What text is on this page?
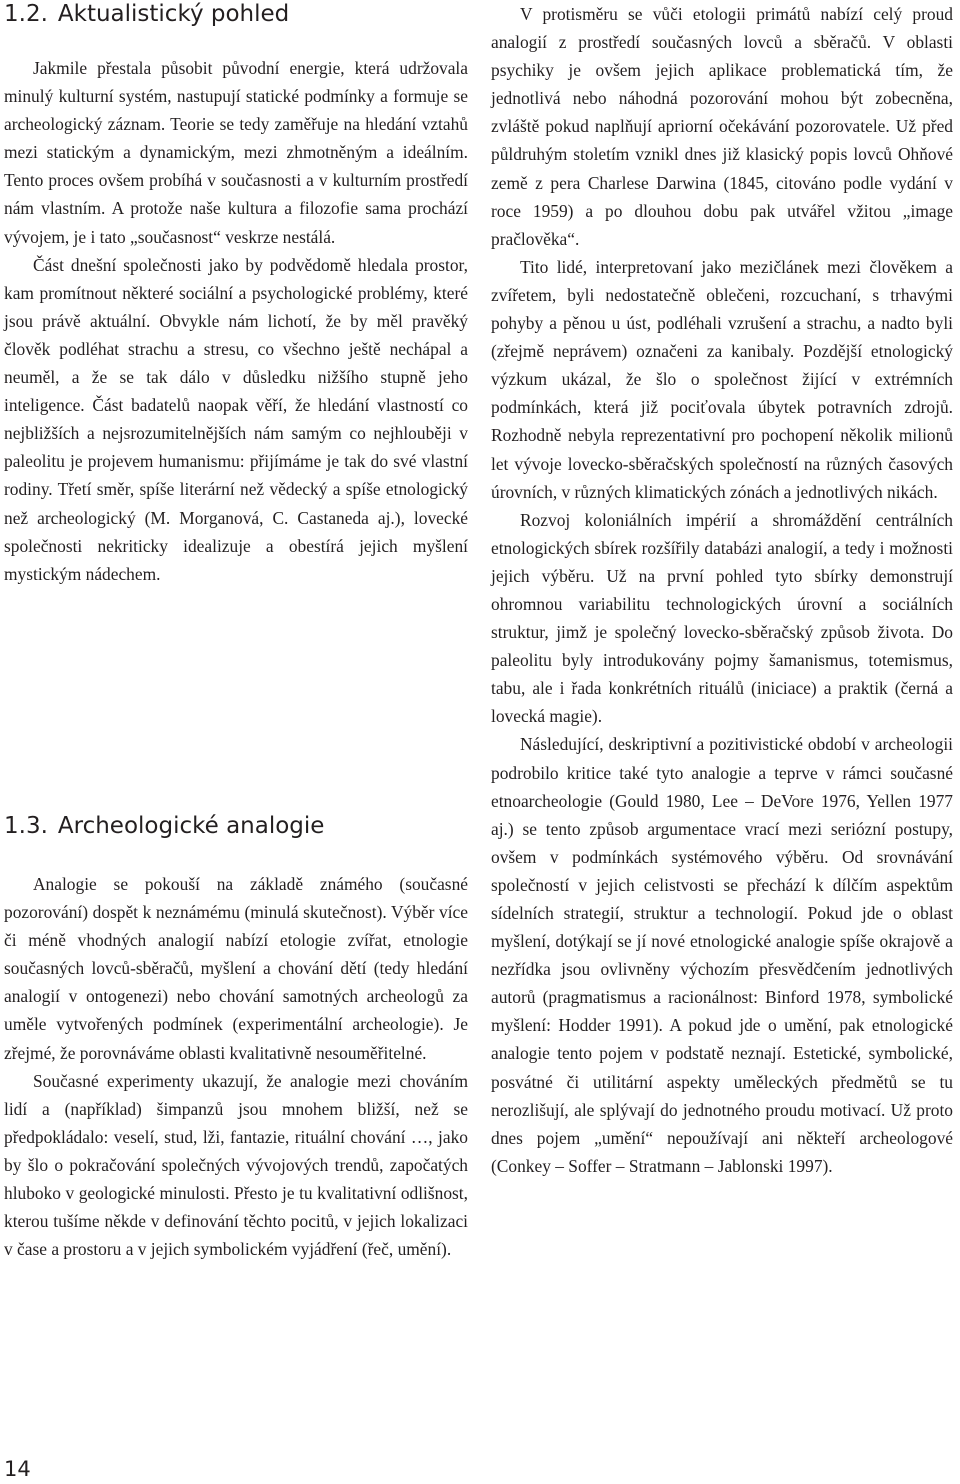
1.2. Aktualistický pohled

Jakmile přestala působit původní energie, která udržovala minulý kulturní systém, nastupují statické podmínky a formuje se archeologický záznam. Teorie se tedy zaměřuje na hledání vztahů mezi statickým a dynamickým, mezi zhmotněným a ideálním. Tento proces ovšem probíhá v současnosti a v kulturním prostředí nám vlastním. A protože naše kultura a filozofie sama prochází vývojem, je i tato „současnost“ veskrze nestálá.

Část dnešní společnosti jako by podvědomě hledala prostor, kam promítnout některé sociální a psychologické problémy, které jsou právě aktuální. Obvykle nám lichotí, že by měl pravěký člověk podléhat strachu a stresu, co všechno ještě nechápal a neuměl, a že se tak dálo v důsledku nižšího stupně jeho inteligence. Část badatelů naopak věří, že hledání vlastností co nejbližších a nejsrozumitelnějších nám samým co nejhlouběji v paleolitu je projevem humanismu: přijímáme je tak do své vlastní rodiny. Třetí směr, spíše literární než vědecký a spíše etnologický než archeologický (M. Morganová, C. Castaneda aj.), lovecké společnosti nekriticky idealizuje a obestírá jejich myšlení mystickým nádechem.

1.3. Archeologické analogie

Analogie se pokouší na základě známého (současné pozorování) dospět k neznámému (minulá skutečnost). Výběr více či méně vhodných analogií nabízí etologie zvířat, etnologie současných lovců-sběračů, myšlení a chování dětí (tedy hledání analogií v ontogenezi) nebo chování samotných archeologů za uměle vytvořených podmínek (experimentální archeologie). Je zřejmé, že porovnáváme oblasti kvalitativně nesouměřitelné.

Současné experimenty ukazují, že analogie mezi chováním lidí a (například) šimpanzů jsou mnohem bližší, než se předpokládalo: veselí, stud, lži, fantazie, rituální chování …, jako by šlo o pokračování společných vývojových trendů, započatých hluboko v geologické minulosti. Přesto je tu kvalitativní odlišnost, kterou tušíme někde v definování těchto pocitů, v jejich lokalizaci v čase a prostoru a v jejich symbolickém vyjádření (řeč, umění).

V protisměru se vůči etologii primátů nabízí celý proud analogií z prostředí současných lovců a sběračů. V oblasti psychiky je ovšem jejich aplikace problematická tím, že jednotlivá nebo náhodná pozorování mohou být zobecněna, zvláště pokud naplňují apriorní očekávání pozorovatele. Už před půldruhým stoletím vznikl dnes již klasický popis lovců Ohňové země z pera Charlese Darwina (1845, citováno podle vydání v roce 1959) a po dlouhou dobu pak utvářel vžitou „image pračlověka“.

Tito lidé, interpretovaní jako mezičlánek mezi člověkem a zvířetem, byli nedostatečně oblečeni, rozcuchaní, s trhavými pohyby a pěnou u úst, podléhali vzrušení a strachu, a nadto byli (zřejmě neprávem) označeni za kanibaly. Pozdější etnologický výzkum ukázal, že šlo o společnost žijící v extrémních podmínkách, která již pociťovala úbytek potravních zdrojů. Rozhodně nebyla reprezentativní pro pochopení několik milionů let vývoje lovecko-sběračských společností na různých časových úrovních, v různých klimatických zónách a jednotlivých nikách.

Rozvoj koloniálních impérií a shromáždění centrálních etnologických sbírek rozšířily databázi analogií, a tedy i možnosti jejich výběru. Už na první pohled tyto sbírky demonstrují ohromnou variabilitu technologických úrovní a sociálních struktur, jimž je společný lovecko-sběračský způsob života. Do paleolitu byly introdukovány pojmy šamanismus, totemismus, tabu, ale i řada konkrétních rituálů (iniciace) a praktik (černá a lovecká magie).

Následující, deskriptivní a pozitivistické období v archeologii podrobilo kritice také tyto analogie a teprve v rámci současné etnoarcheologie (Gould 1980, Lee – DeVore 1976, Yellen 1977 aj.) se tento způsob argumentace vrací mezi seriózní postupy, ovšem v podmínkách systémového výběru. Od srovnávání společností v jejich celistvosti se přechází k dílčím aspektům sídelních strategií, struktur a technologií. Pokud jde o oblast myšlení, dotýkají se jí nové etnologické analogie spíše okrajově a nezřídka jsou ovlivněny výchozím přesvědčením jednotlivých autorů (pragmatismus a racionálnost: Binford 1978, symbolické myšlení: Hodder 1991). A pokud jde o umění, pak etnologické analogie tento pojem v podstatě neznají. Estetické, symbolické, posvátné či utilitární aspekty uměleckých předmětů se tu nerozlišují, ale splývají do jednotného proudu motivací. Už proto dnes pojem „umění“ nepoužívají ani někteří archeologové (Conkey – Soffer – Stratmann – Jablonski 1997).

14
